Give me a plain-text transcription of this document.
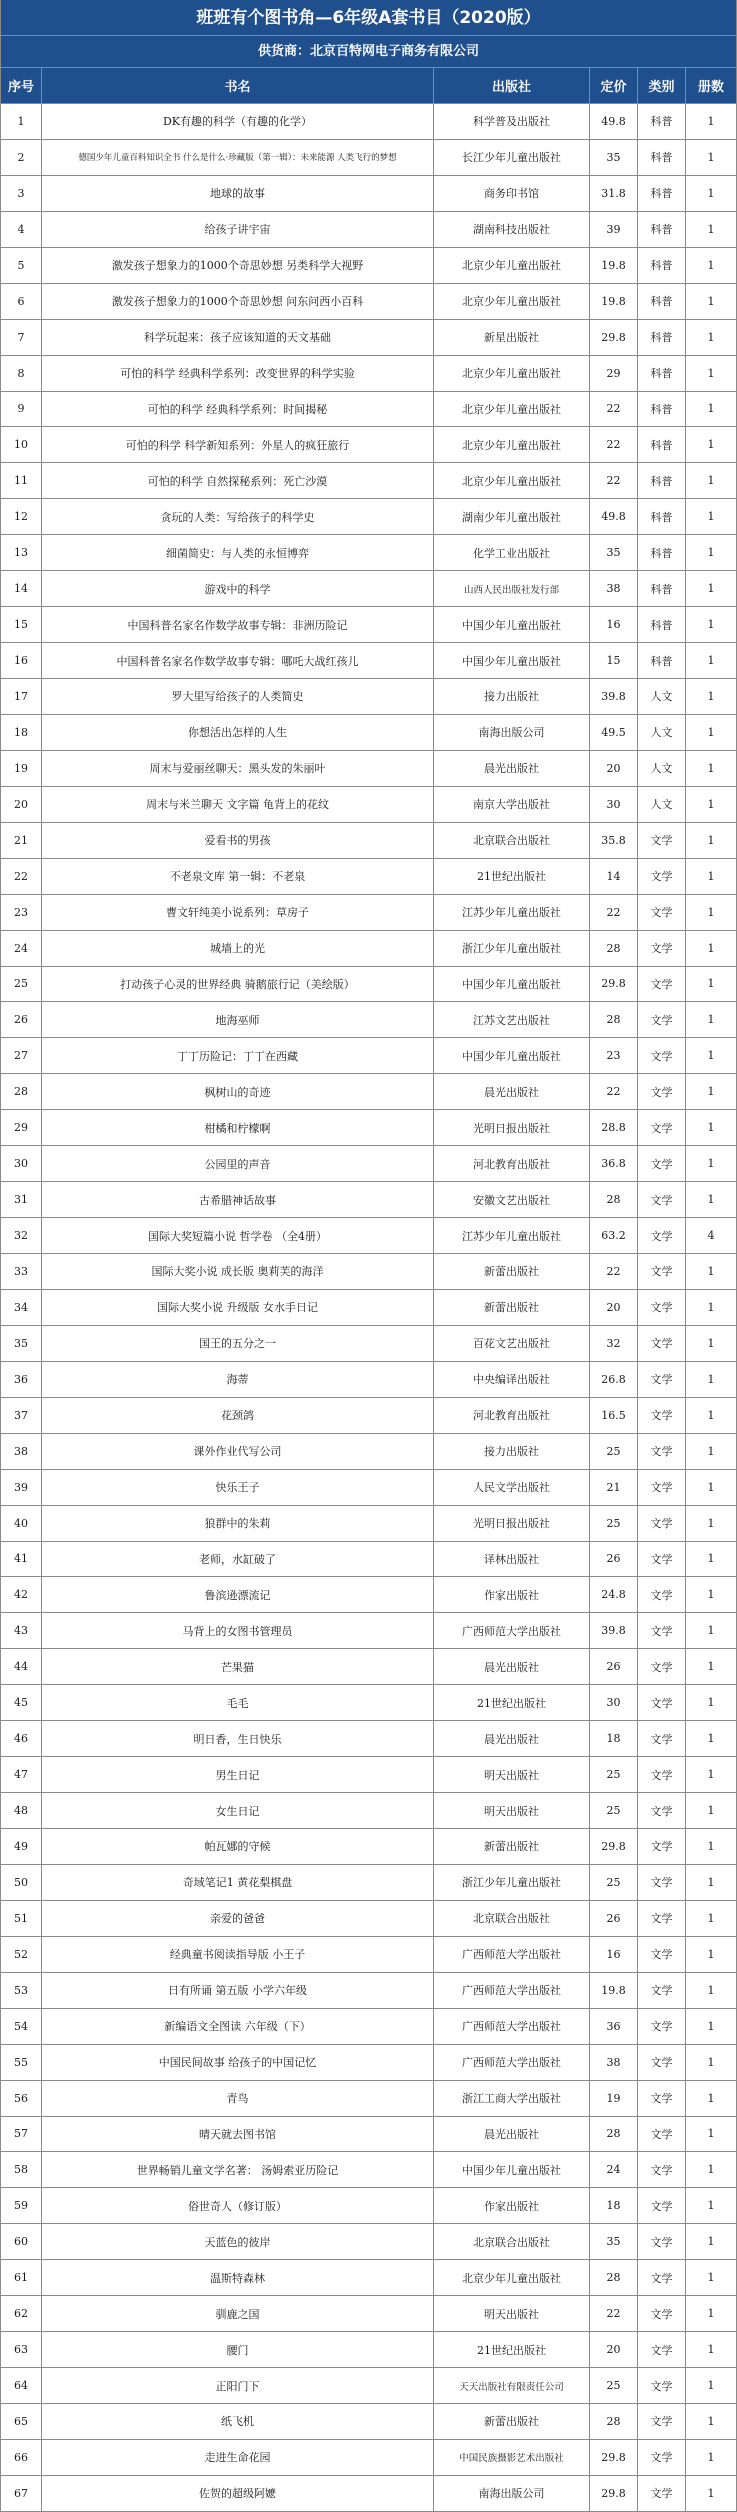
班班有个图书角—6年级A套书目（2020版）
供货商：北京百特网电子商务有限公司
序号	书名	出版社	定价	类别	册数
1	DK有趣的科学（有趣的化学）	科学普及出版社	49.8	科普	1
2	德国少年儿童百科知识全书 什么是什么·珍藏版（第一辑）：未来能源 人类飞行的梦想	长江少年儿童出版社	35	科普	1
3	地球的故事	商务印书馆	31.8	科普	1
4	给孩子讲宇宙	湖南科技出版社	39	科普	1
5	激发孩子想象力的1000个奇思妙想 另类科学大视野	北京少年儿童出版社	19.8	科普	1
6	激发孩子想象力的1000个奇思妙想 问东问西小百科	北京少年儿童出版社	19.8	科普	1
7	科学玩起来：孩子应该知道的天文基础	新星出版社	29.8	科普	1
8	可怕的科学 经典科学系列：改变世界的科学实验	北京少年儿童出版社	29	科普	1
9	可怕的科学 经典科学系列：时间揭秘	北京少年儿童出版社	22	科普	1
10	可怕的科学 科学新知系列：外星人的疯狂旅行	北京少年儿童出版社	22	科普	1
11	可怕的科学 自然探秘系列：死亡沙漠	北京少年儿童出版社	22	科普	1
12	贪玩的人类：写给孩子的科学史	湖南少年儿童出版社	49.8	科普	1
13	细菌简史：与人类的永恒博弈	化学工业出版社	35	科普	1
14	游戏中的科学	山西人民出版社发行部	38	科普	1
15	中国科普名家名作数学故事专辑：非洲历险记	中国少年儿童出版社	16	科普	1
16	中国科普名家名作数学故事专辑：哪吒大战红孩儿	中国少年儿童出版社	15	科普	1
17	罗大里写给孩子的人类简史	接力出版社	39.8	人文	1
18	你想活出怎样的人生	南海出版公司	49.5	人文	1
19	周末与爱丽丝聊天：黑头发的朱丽叶	晨光出版社	20	人文	1
20	周末与米兰聊天 文字篇 龟背上的花纹	南京大学出版社	30	人文	1
21	爱看书的男孩	北京联合出版社	35.8	文学	1
22	不老泉文库 第一辑：不老泉	21世纪出版社	14	文学	1
23	曹文轩纯美小说系列：草房子	江苏少年儿童出版社	22	文学	1
24	城墙上的光	浙江少年儿童出版社	28	文学	1
25	打动孩子心灵的世界经典 骑鹅旅行记（美绘版）	中国少年儿童出版社	29.8	文学	1
26	地海巫师	江苏文艺出版社	28	文学	1
27	丁丁历险记：丁丁在西藏	中国少年儿童出版社	23	文学	1
28	枫树山的奇迹	晨光出版社	22	文学	1
29	柑橘和柠檬啊	光明日报出版社	28.8	文学	1
30	公园里的声音	河北教育出版社	36.8	文学	1
31	古希腊神话故事	安徽文艺出版社	28	文学	1
32	国际大奖短篇小说 哲学卷 （全4册）	江苏少年儿童出版社	63.2	文学	4
33	国际大奖小说 成长版 奥莉芙的海洋	新蕾出版社	22	文学	1
34	国际大奖小说 升级版 女水手日记	新蕾出版社	20	文学	1
35	国王的五分之一	百花文艺出版社	32	文学	1
36	海蒂	中央编译出版社	26.8	文学	1
37	花颈鸽	河北教育出版社	16.5	文学	1
38	课外作业代写公司	接力出版社	25	文学	1
39	快乐王子	人民文学出版社	21	文学	1
40	狼群中的朱莉	光明日报出版社	25	文学	1
41	老师，水缸破了	译林出版社	26	文学	1
42	鲁滨逊漂流记	作家出版社	24.8	文学	1
43	马背上的女图书管理员	广西师范大学出版社	39.8	文学	1
44	芒果猫	晨光出版社	26	文学	1
45	毛毛	21世纪出版社	30	文学	1
46	明日香，生日快乐	晨光出版社	18	文学	1
47	男生日记	明天出版社	25	文学	1
48	女生日记	明天出版社	25	文学	1
49	帕瓦娜的守候	新蕾出版社	29.8	文学	1
50	奇域笔记1 黄花梨棋盘	浙江少年儿童出版社	25	文学	1
51	亲爱的爸爸	北京联合出版社	26	文学	1
52	经典童书阅读指导版 小王子	广西师范大学出版社	16	文学	1
53	日有所诵 第五版 小学六年级	广西师范大学出版社	19.8	文学	1
54	新编语文全图读 六年级（下）	广西师范大学出版社	36	文学	1
55	中国民间故事 给孩子的中国记忆	广西师范大学出版社	38	文学	1
56	青鸟	浙江工商大学出版社	19	文学	1
57	晴天就去图书馆	晨光出版社	28	文学	1
58	世界畅销儿童文学名著： 汤姆索亚历险记	中国少年儿童出版社	24	文学	1
59	俗世奇人（修订版）	作家出版社	18	文学	1
60	天蓝色的彼岸	北京联合出版社	35	文学	1
61	温斯特森林	北京少年儿童出版社	28	文学	1
62	驯鹿之国	明天出版社	22	文学	1
63	腰门	21世纪出版社	20	文学	1
64	正阳门下	天天出版社有限责任公司	25	文学	1
65	纸飞机	新蕾出版社	28	文学	1
66	走进生命花园	中国民族摄影艺术出版社	29.8	文学	1
67	佐贺的超级阿嬷	南海出版公司	29.8	文学	1
